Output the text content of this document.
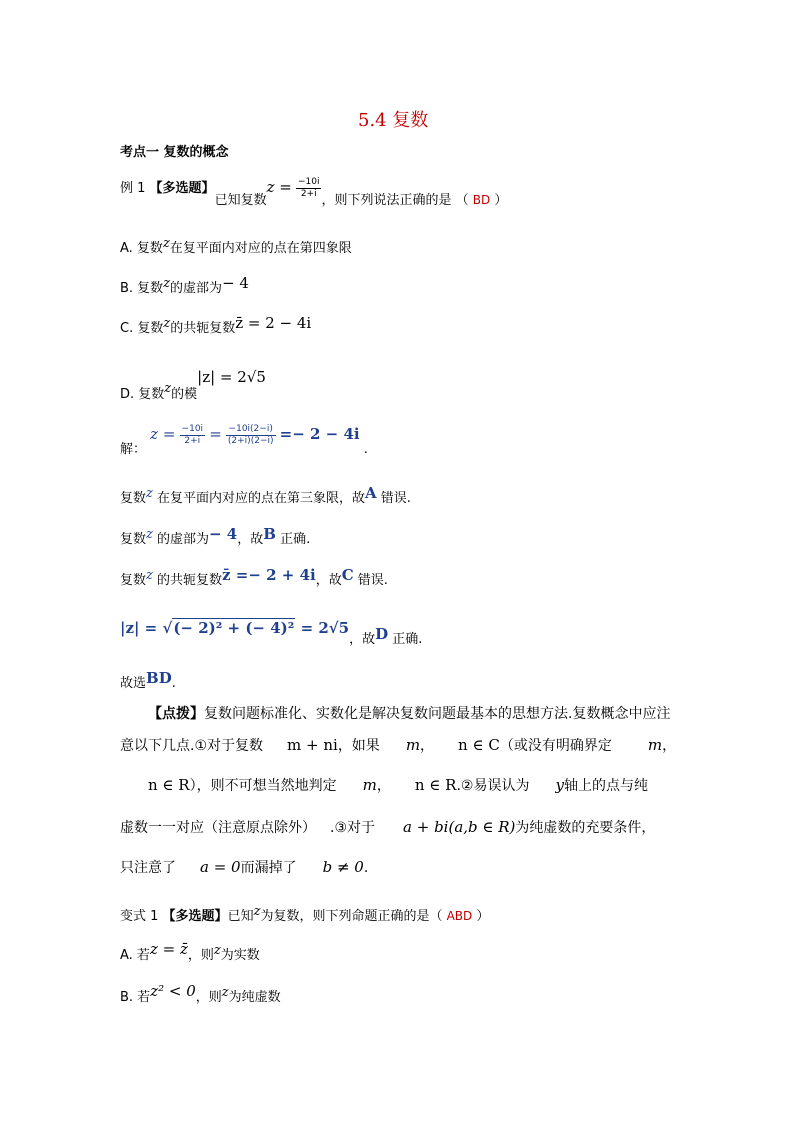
5.4 复数
考点一 复数的概念
例 1 【多选题】已知复数$z = \frac{-10i}{2+i}$
，则下列说法正确的是 （ BD ）
A. 复数z在复平面内对应的点在第四象限
B. 复数z的虚部为− 4
C. 复数z的共轭复数z̄ = 2 − 4i
D. 复数z的模|z| = 2√5
解： $z = \frac{-10i}{2+i} = \frac{-10i(2-i)}{(2+i)(2-i)} =- 2 - 4i$ .
复数z 在复平面内对应的点在第三象限，故A 错误.
复数z 的虚部为− 4，故B 正确.
复数z 的共轭复数z̄ =− 2 + 4i，故C 错误.
|z| = √(− 2)² + (− 4)² = 2√5，故D 正确.
故选BD.
【点拨】复数问题标准化、实数化是解决复数问题最基本的思想方法.复数概念中应注
意以下几点.①对于复数 m + ni，如果 m， n ∈ C（或没有明确界定 m，
n ∈ R），则不可想当然地判定 m， n ∈ R.②易误认为 y轴上的点与纯
虚数一一对应（注意原点除外） .③对于 a + bi(a,b ∈ R)为纯虚数的充要条件，
只注意了 a = 0而漏掉了 b ≠ 0.
变式 1 【多选题】已知z为复数，则下列命题正确的是（ ABD ）
A. 若z = z̄，则z为实数
B. 若z² < 0，则z为纯虚数
